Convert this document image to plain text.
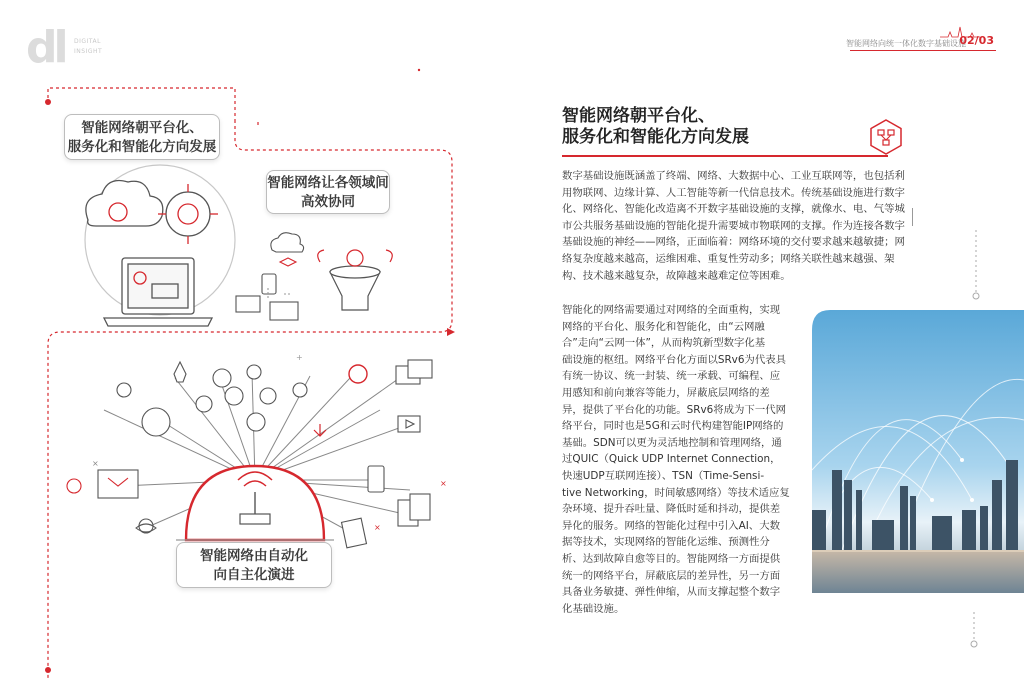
dl DIGITAL
INSIGHT
智能网络向统一体化数字基础设施
02/03
×
×
×
+
智能网络朝平台化、
服务化和智能化方向发展
智能网络让各领域间
高效协同
智能网络由自动化
向自主化演进
智能网络朝平台化、
服务化和智能化方向发展
数字基础设施既涵盖了终端、网络、大数据中心、工业互联网等，也包括利
用物联网、边缘计算、人工智能等新一代信息技术。传统基础设施进行数字
化、网络化、智能化改造离不开数字基础设施的支撑，就像水、电、气等城
市公共服务基础设施的智能化提升需要城市物联网的支撑。作为连接各数字
基础设施的神经——网络，正面临着：网络环境的交付要求越来越敏捷；网
络复杂度越来越高，运维困难、重复性劳动多；网络关联性越来越强、架
构、技术越来越复杂，故障越来越难定位等困难。
智能化的网络需要通过对网络的全面重构，实现
网络的平台化、服务化和智能化，由“云网融
合”走向“云网一体”，从而构筑新型数字化基
础设施的枢纽。网络平台化方面以SRv6为代表具
有统一协议、统一封装、统一承载、可编程、应
用感知和前向兼容等能力，屏蔽底层网络的差
异，提供了平台化的功能。SRv6将成为下一代网
络平台，同时也是5G和云时代构建智能IP网络的
基础。SDN可以更为灵活地控制和管理网络，通
过QUIC（Quick UDP Internet Connection，
快速UDP互联网连接）、TSN（Time-Sensi-
tive Networking，时间敏感网络）等技术适应复
杂环境、提升吞吐量、降低时延和抖动，提供差
异化的服务。网络的智能化过程中引入AI、大数
据等技术，实现网络的智能化运维、预测性分
析、达到故障自愈等目的。智能网络一方面提供
统一的网络平台，屏蔽底层的差异性，另一方面
具备业务敏捷、弹性伸缩，从而支撑起整个数字
化基础设施。
